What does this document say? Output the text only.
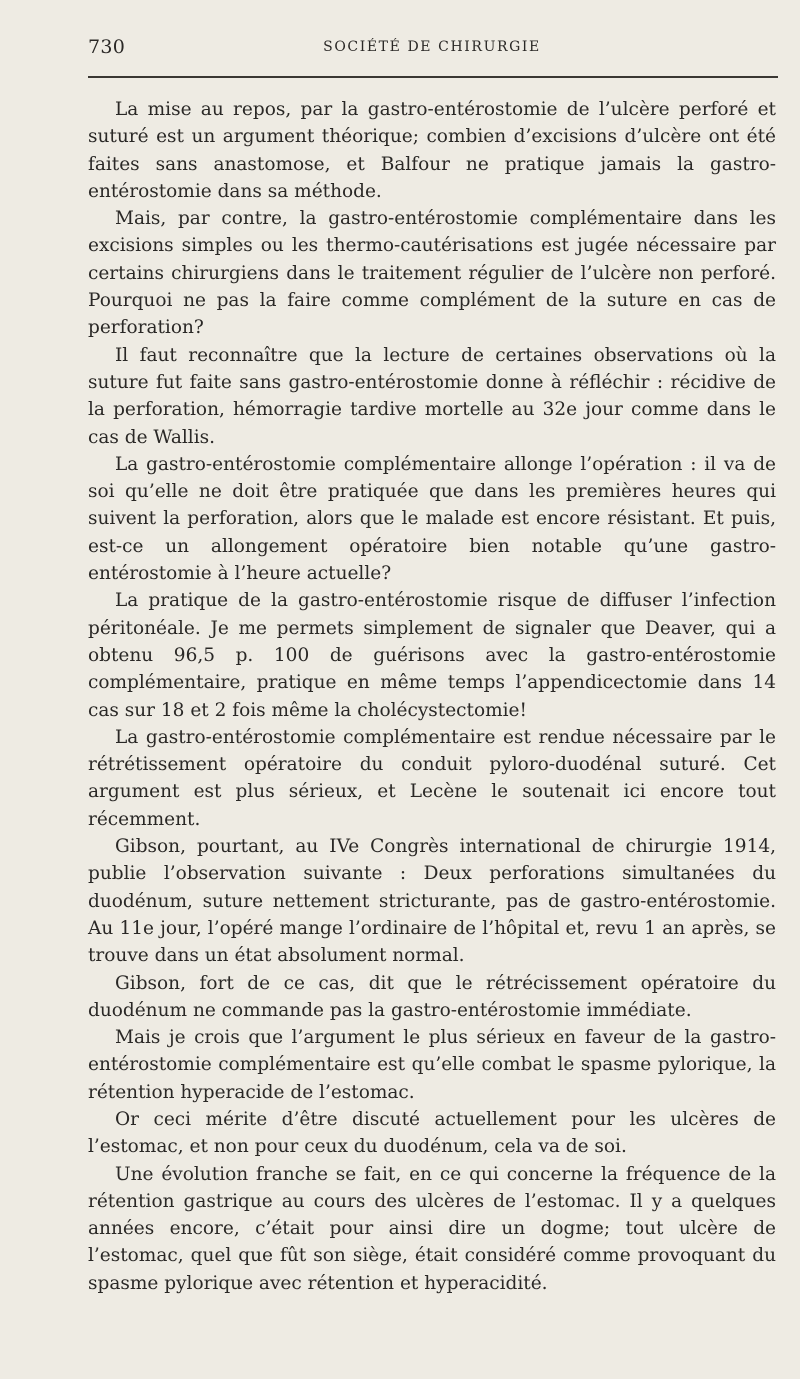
730	SOCIÉTÉ DE CHIRURGIE

La mise au repos, par la gastro-entérostomie de l’ulcère perforé et suturé est un argument théorique; combien d’excisions d’ulcère ont été faites sans anastomose, et Balfour ne pratique jamais la gastro-entérostomie dans sa méthode.

Mais, par contre, la gastro-entérostomie complémentaire dans les excisions simples ou les thermo-cautérisations est jugée nécessaire par certains chirurgiens dans le traitement régulier de l’ulcère non perforé. Pourquoi ne pas la faire comme complément de la suture en cas de perforation?

Il faut reconnaître que la lecture de certaines observations où la suture fut faite sans gastro-entérostomie donne à réfléchir : récidive de la perforation, hémorragie tardive mortelle au 32e jour comme dans le cas de Wallis.

La gastro-entérostomie complémentaire allonge l’opération : il va de soi qu’elle ne doit être pratiquée que dans les premières heures qui suivent la perforation, alors que le malade est encore résistant. Et puis, est-ce un allongement opératoire bien notable qu’une gastro-entérostomie à l’heure actuelle?

La pratique de la gastro-entérostomie risque de diffuser l’infection péritonéale. Je me permets simplement de signaler que Deaver, qui a obtenu 96,5 p. 100 de guérisons avec la gastro-entérostomie complémentaire, pratique en même temps l’appendicectomie dans 14 cas sur 18 et 2 fois même la cholécystectomie!

La gastro-entérostomie complémentaire est rendue nécessaire par le rétrétissement opératoire du conduit pyloro-duodénal suturé. Cet argument est plus sérieux, et Lecène le soutenait ici encore tout récemment.

Gibson, pourtant, au IVe Congrès international de chirurgie 1914, publie l’observation suivante : Deux perforations simultanées du duodénum, suture nettement stricturante, pas de gastro-entérostomie. Au 11e jour, l’opéré mange l’ordinaire de l’hôpital et, revu 1 an après, se trouve dans un état absolument normal.

Gibson, fort de ce cas, dit que le rétrécissement opératoire du duodénum ne commande pas la gastro-entérostomie immédiate.

Mais je crois que l’argument le plus sérieux en faveur de la gastro-entérostomie complémentaire est qu’elle combat le spasme pylorique, la rétention hyperacide de l’estomac.

Or ceci mérite d’être discuté actuellement pour les ulcères de l’estomac, et non pour ceux du duodénum, cela va de soi.

Une évolution franche se fait, en ce qui concerne la fréquence de la rétention gastrique au cours des ulcères de l’estomac. Il y a quelques années encore, c’était pour ainsi dire un dogme; tout ulcère de l’estomac, quel que fût son siège, était considéré comme provoquant du spasme pylorique avec rétention et hyperacidité.
